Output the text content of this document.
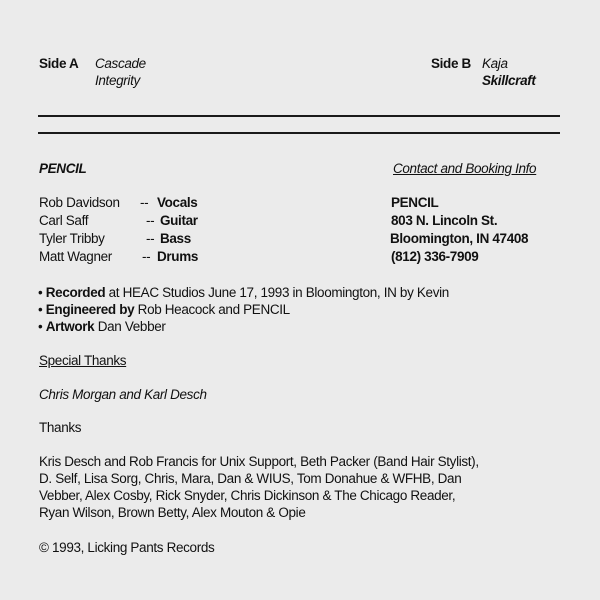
Side A Cascade
Integrity
Side B Kaja
Skillcraft
PENCIL	Contact and Booking Info
Rob Davidson -- Vocals
Carl Saff	-- Guitar
Tyler Tribby	-- Bass
Matt Wagner -- Drums
PENCIL
803 N. Lincoln St.
Bloomington, IN 47408
(812) 336-7909
• Recorded at HEAC Studios June 17, 1993 in Bloomington, IN by Kevin
• Engineered by Rob Heacock and PENCIL
• Artwork Dan Vebber
Special Thanks
Chris Morgan and Karl Desch
Thanks
Kris Desch and Rob Francis for Unix Support, Beth Packer (Band Hair Stylist),
D. Self, Lisa Sorg, Chris, Mara, Dan & WIUS, Tom Donahue & WFHB, Dan
Vebber, Alex Cosby, Rick Snyder, Chris Dickinson & The Chicago Reader,
Ryan Wilson, Brown Betty, Alex Mouton & Opie
© 1993, Licking Pants Records
